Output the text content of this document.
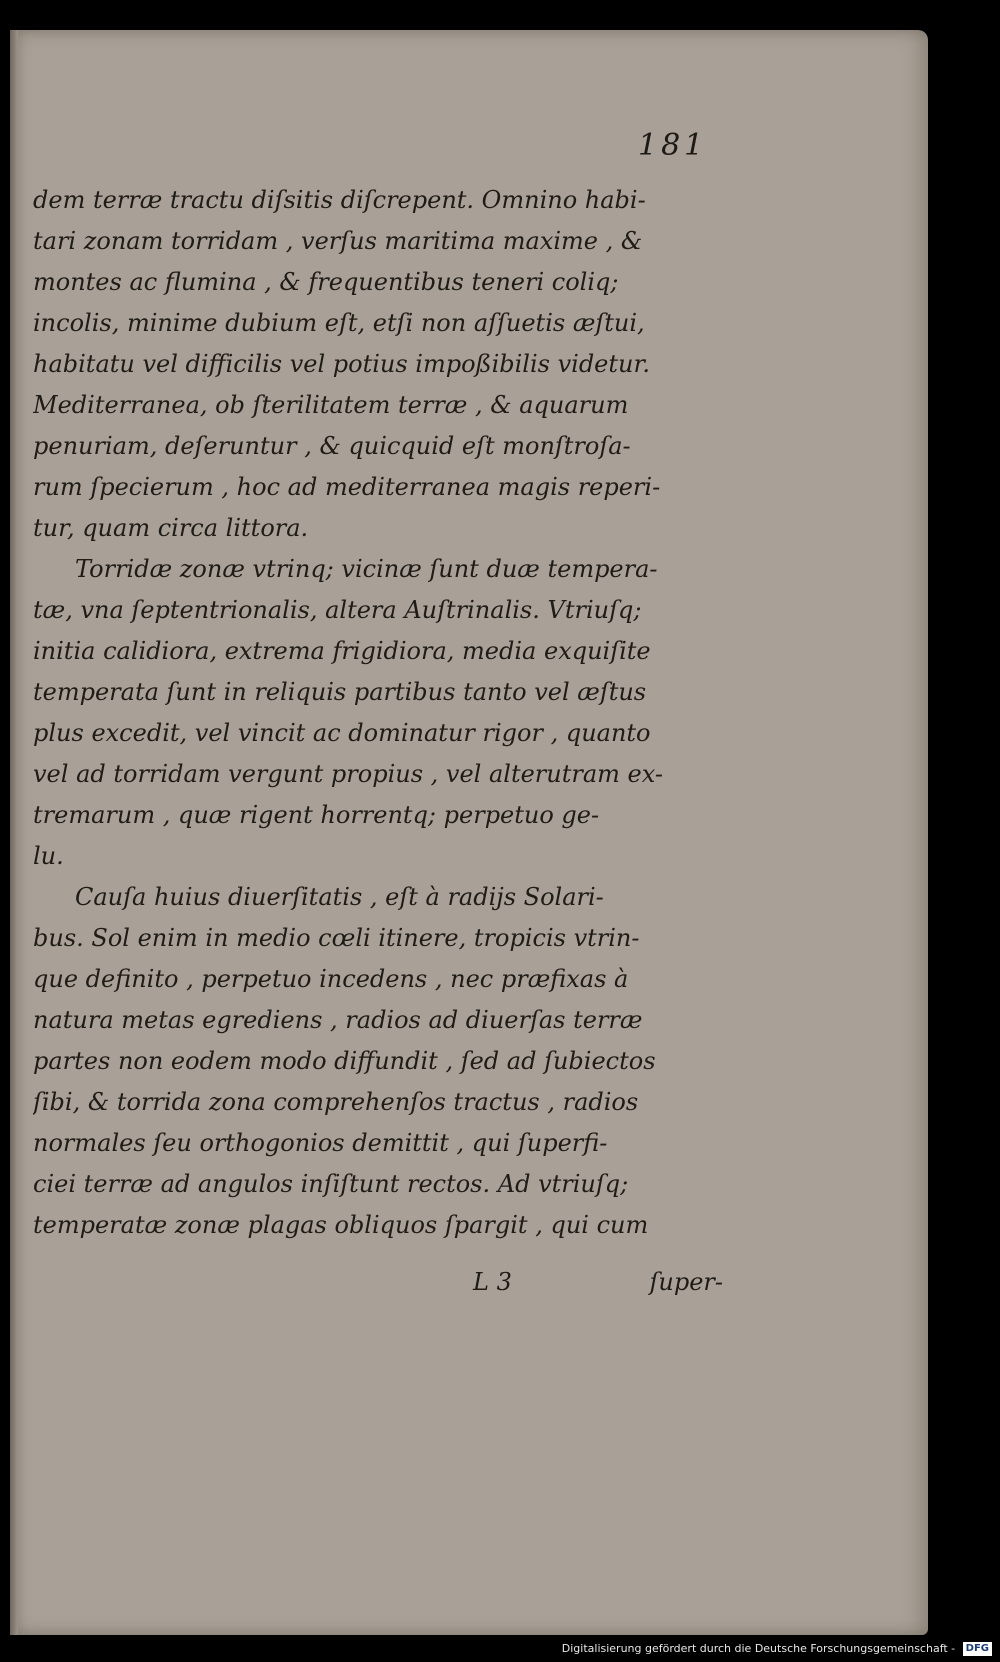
181
dem terræ tractu diſsitis diſcrepent. Omnino habi-
tari zonam torridam , verſus maritima maxime , &
montes ac flumina , & frequentibus teneri coliq;
incolis, minime dubium eſt, etſi non aſſuetis æſtui,
habitatu vel difficilis vel potius impoßibilis videtur.
Mediterranea, ob ſterilitatem terræ , & aquarum
penuriam, deſeruntur , & quicquid eſt monſtroſa-
rum ſpecierum , hoc ad mediterranea magis reperi-
tur, quam circa littora.
Torridæ zonæ vtrinq; vicinæ ſunt duæ tempera-
tæ, vna ſeptentrionalis, altera Auſtrinalis. Vtriuſq;
initia calidiora, extrema frigidiora, media exquiſite
temperata ſunt in reliquis partibus tanto vel æſtus
plus excedit, vel vincit ac dominatur rigor , quanto
vel ad torridam vergunt propius , vel alterutram ex-
tremarum , quæ rigent horrentq; perpetuo ge-
lu.
Cauſa huius diuerſitatis , eſt à radijs Solari-
bus. Sol enim in medio cœli itinere, tropicis vtrin-
que definito , perpetuo incedens , nec præfixas à
natura metas egrediens , radios ad diuerſas terræ
partes non eodem modo diffundit , ſed ad ſubiectos
ſibi, & torrida zona comprehenſos tractus , radios
normales ſeu orthogonios demittit , qui ſuperfi-
ciei terræ ad angulos inſiſtunt rectos. Ad vtriuſq;
temperatæ zonæ plagas obliquos ſpargit , qui cum
L 3	ſuper-
Digitalisierung gefördert durch die Deutsche Forschungsgemeinschaft - DFG
